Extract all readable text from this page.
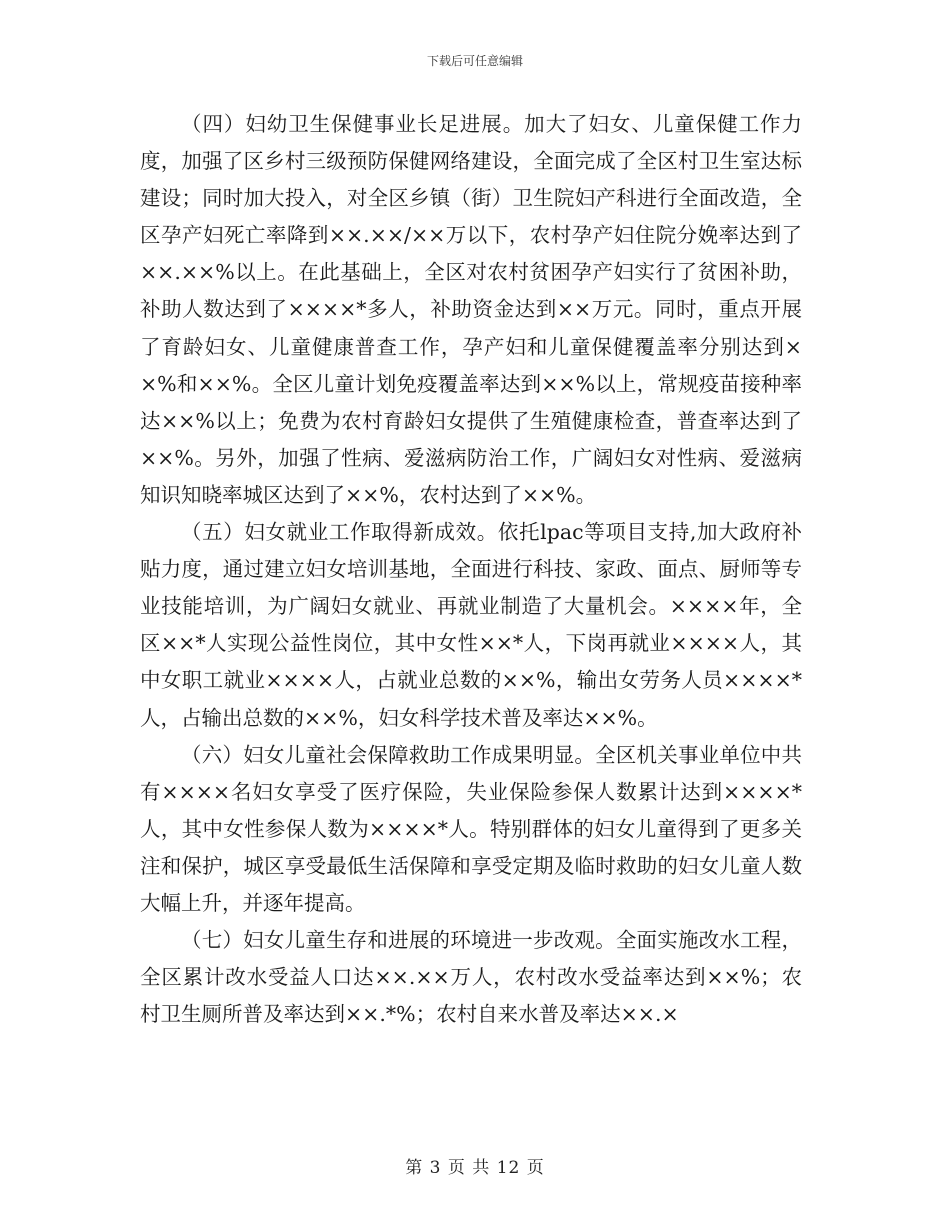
下载后可任意编辑

（四）妇幼卫生保健事业长足进展。加大了妇女、儿童保健工作力度，加强了区乡村三级预防保健网络建设，全面完成了全区村卫生室达标建设；同时加大投入，对全区乡镇（街）卫生院妇产科进行全面改造，全区孕产妇死亡率降到××.××/××万以下，农村孕产妇住院分娩率达到了××.××%以上。在此基础上，全区对农村贫困孕产妇实行了贫困补助，补助人数达到了××××*多人，补助资金达到××万元。同时，重点开展了育龄妇女、儿童健康普查工作，孕产妇和儿童保健覆盖率分别达到××%和××%。全区儿童计划免疫覆盖率达到××%以上，常规疫苗接种率达××%以上；免费为农村育龄妇女提供了生殖健康检查，普查率达到了××%。另外，加强了性病、爱滋病防治工作，广阔妇女对性病、爱滋病知识知晓率城区达到了××%，农村达到了××%。

（五）妇女就业工作取得新成效。依托lpac等项目支持,加大政府补贴力度，通过建立妇女培训基地，全面进行科技、家政、面点、厨师等专业技能培训，为广阔妇女就业、再就业制造了大量机会。××××年，全区××*人实现公益性岗位，其中女性××*人，下岗再就业××××人，其中女职工就业××××人，占就业总数的××%，输出女劳务人员××××*人，占输出总数的××%，妇女科学技术普及率达××%。

（六）妇女儿童社会保障救助工作成果明显。全区机关事业单位中共有××××名妇女享受了医疗保险，失业保险参保人数累计达到××××*人，其中女性参保人数为××××*人。特别群体的妇女儿童得到了更多关注和保护，城区享受最低生活保障和享受定期及临时救助的妇女儿童人数大幅上升，并逐年提高。

（七）妇女儿童生存和进展的环境进一步改观。全面实施改水工程，全区累计改水受益人口达××.××万人，农村改水受益率达到××%；农村卫生厕所普及率达到××.*%；农村自来水普及率达××.×

第 3 页 共 12 页
